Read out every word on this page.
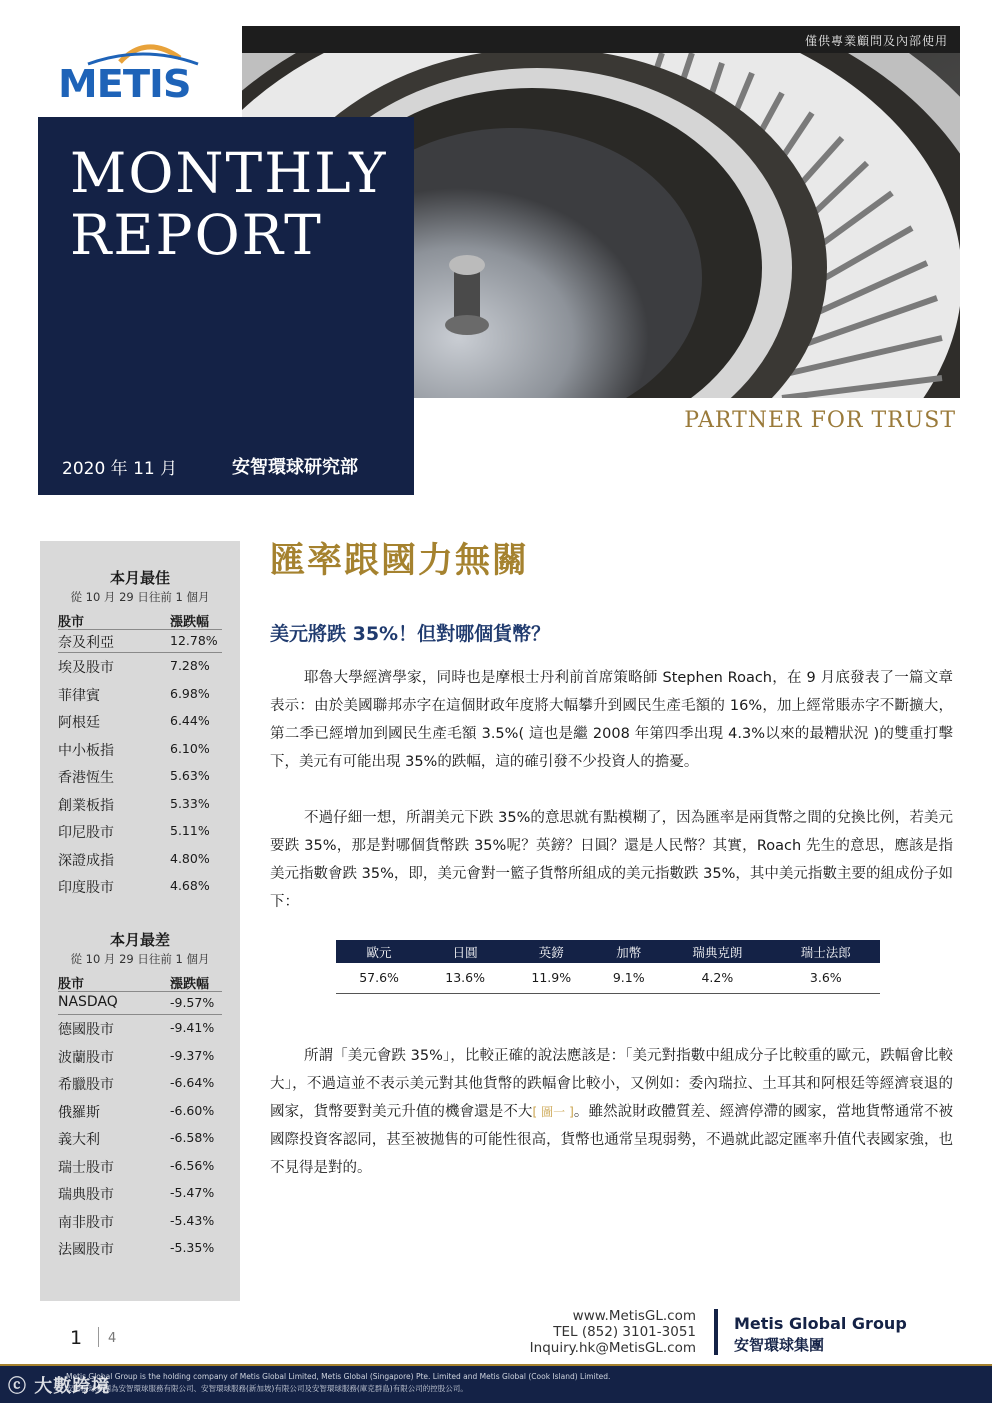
僅供專業顧問及內部使用
METIS
MONTHLY
REPORT
2020 年 11 月	安智環球研究部
PARTNER FOR TRUST
本月最佳
從 10 月 29 日往前 1 個月
股市	漲跌幅
奈及利亞	12.78%
埃及股市	7.28%
菲律賓	6.98%
阿根廷	6.44%
中小板指	6.10%
香港恆生	5.63%
創業板指	5.33%
印尼股市	5.11%
深證成指	4.80%
印度股市	4.68%
本月最差
從 10 月 29 日往前 1 個月
股市	漲跌幅
NASDAQ	-9.57%
德國股市	-9.41%
波蘭股市	-9.37%
希臘股市	-6.64%
俄羅斯	-6.60%
義大利	-6.58%
瑞士股市	-6.56%
瑞典股市	-5.47%
南非股市	-5.43%
法國股市	-5.35%
匯率跟國力無關
美元將跌 35%！但對哪個貨幣？

耶魯大學經濟學家，同時也是摩根士丹利前首席策略師 Stephen Roach，在 9 月底發表了一篇文章表示：由於美國聯邦赤字在這個財政年度將大幅攀升到國民生產毛額的 16%，加上經常賬赤字不斷擴大，第二季已經增加到國民生產毛額 3.5%( 這也是繼 2008 年第四季出現 4.3%以來的最糟狀況 )的雙重打擊下，美元有可能出現 35%的跌幅，這的確引發不少投資人的擔憂。

不過仔細一想，所謂美元下跌 35%的意思就有點模糊了，因為匯率是兩貨幣之間的兌換比例，若美元要跌 35%，那是對哪個貨幣跌 35%呢？英鎊？日圓？還是人民幣？其實，Roach 先生的意思，應該是指美元指數會跌 35%，即，美元會對一籃子貨幣所組成的美元指數跌 35%，其中美元指數主要的組成份子如下：

歐元	日圓	英鎊	加幣	瑞典克朗	瑞士法郎
57.6%	13.6%	11.9%	9.1%	4.2%	3.6%

所謂「美元會跌 35%」，比較正確的說法應該是：「美元對指數中組成分子比較重的歐元，跌幅會比較大」，不過這並不表示美元對其他貨幣的跌幅會比較小，又例如：委內瑞拉、土耳其和阿根廷等經濟衰退的國家，貨幣要對美元升值的機會還是不大[ 圖一 ]。雖然說財政體質差、經濟停滯的國家，當地貨幣通常不被國際投資客認同，甚至被拋售的可能性很高，貨幣也通常呈現弱勢，不過就此認定匯率升值代表國家強，也不見得是對的。

1 4
www.MetisGL.com
TEL (852) 3101-3051
Inquiry.hk@MetisGL.com
Metis Global Group
安智環球集團
Metis Global Group is the holding company of Metis Global Limited, Metis Global (Singapore) Pte. Limited and Metis Global (Cook Island) Limited.
安智環球集團為安智環球服務有限公司、安智環球服務(新加坡)有限公司及安智環球服務(庫克群島)有限公司的控股公司。
ⓒ 大數跨境
